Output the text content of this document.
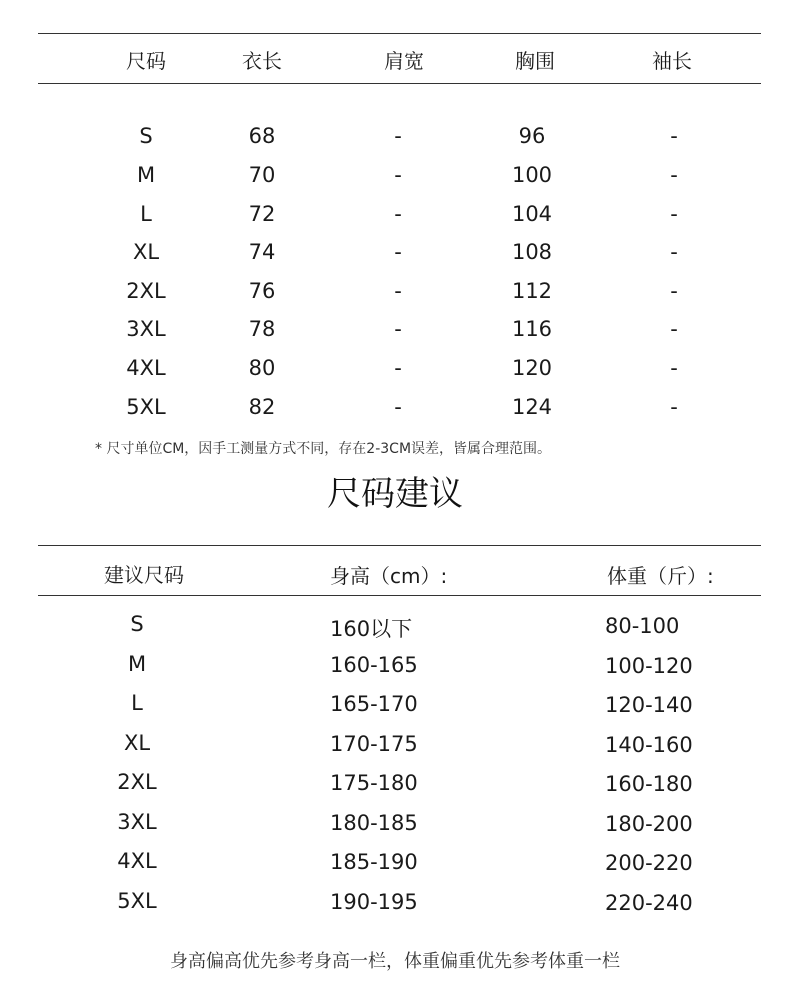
尺码	衣长	肩宽	胸围	袖长
S	68	-	96	-
M	70	-	100	-
L	72	-	104	-
XL	74	-	108	-
2XL	76	-	112	-
3XL	78	-	116	-
4XL	80	-	120	-
5XL	82	-	124	-
* 尺寸单位CM，因手工测量方式不同，存在2-3CM误差，皆属合理范围。
尺码建议
建议尺码	身高（cm）:	体重（斤）:
S	160以下	80-100
M	160-165	100-120
L	165-170	120-140
XL	170-175	140-160
2XL	175-180	160-180
3XL	180-185	180-200
4XL	185-190	200-220
5XL	190-195	220-240
身高偏高优先参考身高一栏，体重偏重优先参考体重一栏
